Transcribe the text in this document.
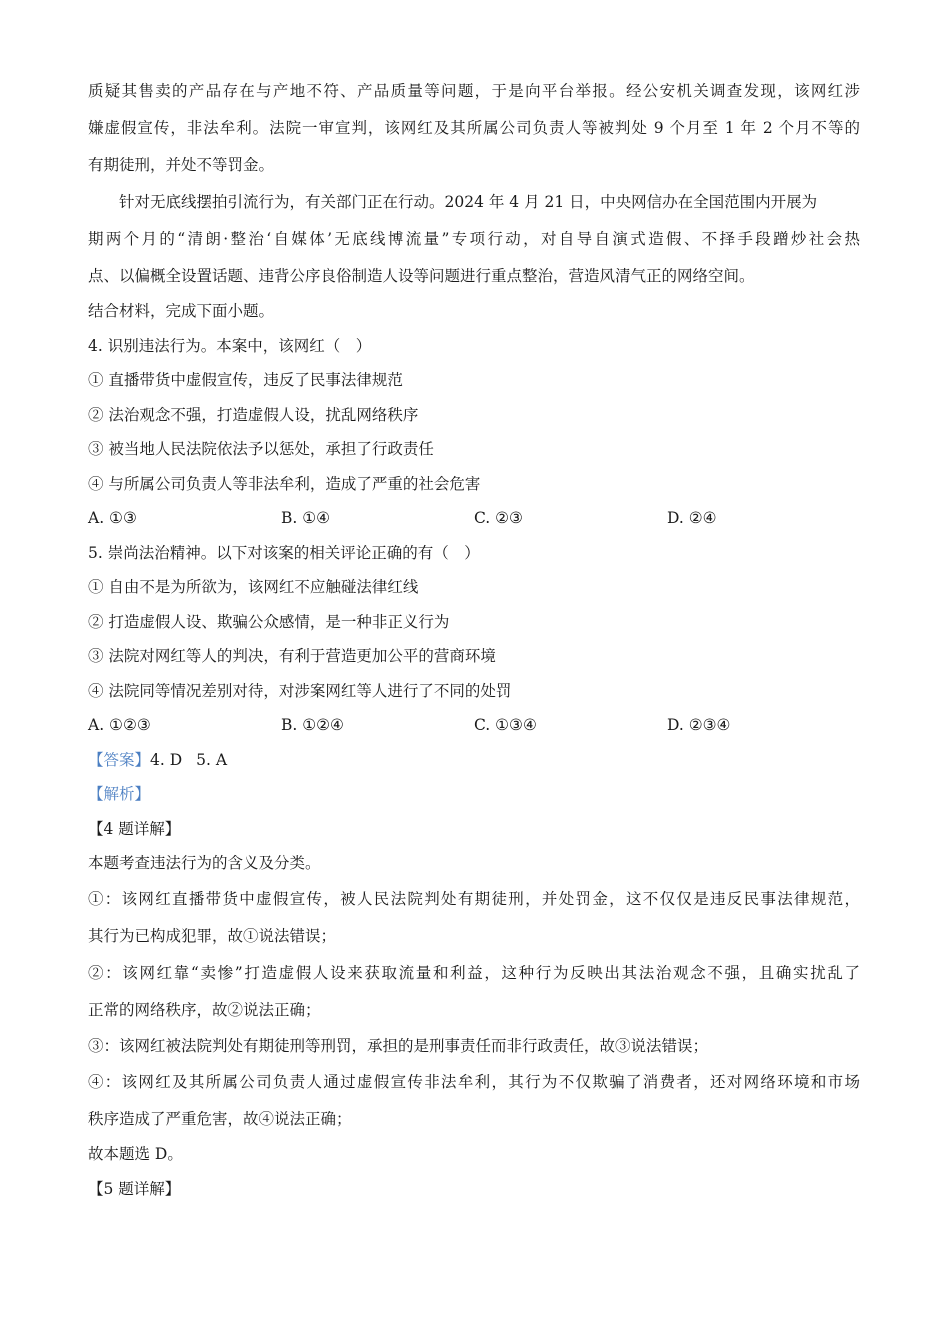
质疑其售卖的产品存在与产地不符、产品质量等问题，于是向平台举报。经公安机关调查发现，该网红涉
嫌虚假宣传，非法牟利。法院一审宣判，该网红及其所属公司负责人等被判处 9 个月至 1 年 2 个月不等的
有期徒刑，并处不等罚金。
针对无底线摆拍引流行为，有关部门正在行动。2024 年 4 月 21 日，中央网信办在全国范围内开展为
期两个月的“清朗·整治‘自媒体’无底线博流量”专项行动，对自导自演式造假、不择手段蹭炒社会热
点、以偏概全设置话题、违背公序良俗制造人设等问题进行重点整治，营造风清气正的网络空间。
结合材料，完成下面小题。
4. 识别违法行为。本案中，该网红（　）
① 直播带货中虚假宣传，违反了民事法律规范
② 法治观念不强，打造虚假人设，扰乱网络秩序
③ 被当地人民法院依法予以惩处，承担了行政责任
④ 与所属公司负责人等非法牟利，造成了严重的社会危害
A. ①③	B. ①④	C. ②③	D. ②④
5. 崇尚法治精神。以下对该案的相关评论正确的有（　）
① 自由不是为所欲为，该网红不应触碰法律红线
② 打造虚假人设、欺骗公众感情，是一种非正义行为
③ 法院对网红等人的判决，有利于营造更加公平的营商环境
④ 法院同等情况差别对待，对涉案网红等人进行了不同的处罚
A. ①②③	B. ①②④	C. ①③④	D. ②③④
【答案】 4. D 5. A
【解析】
【4 题详解】
本题考查违法行为的含义及分类。
①：该网红直播带货中虚假宣传，被人民法院判处有期徒刑，并处罚金，这不仅仅是违反民事法律规范，
其行为已构成犯罪，故①说法错误；
②：该网红靠“卖惨”打造虚假人设来获取流量和利益，这种行为反映出其法治观念不强，且确实扰乱了
正常的网络秩序，故②说法正确；
③：该网红被法院判处有期徒刑等刑罚，承担的是刑事责任而非行政责任，故③说法错误；
④：该网红及其所属公司负责人通过虚假宣传非法牟利，其行为不仅欺骗了消费者，还对网络环境和市场
秩序造成了严重危害，故④说法正确；
故本题选 D。
【5 题详解】
